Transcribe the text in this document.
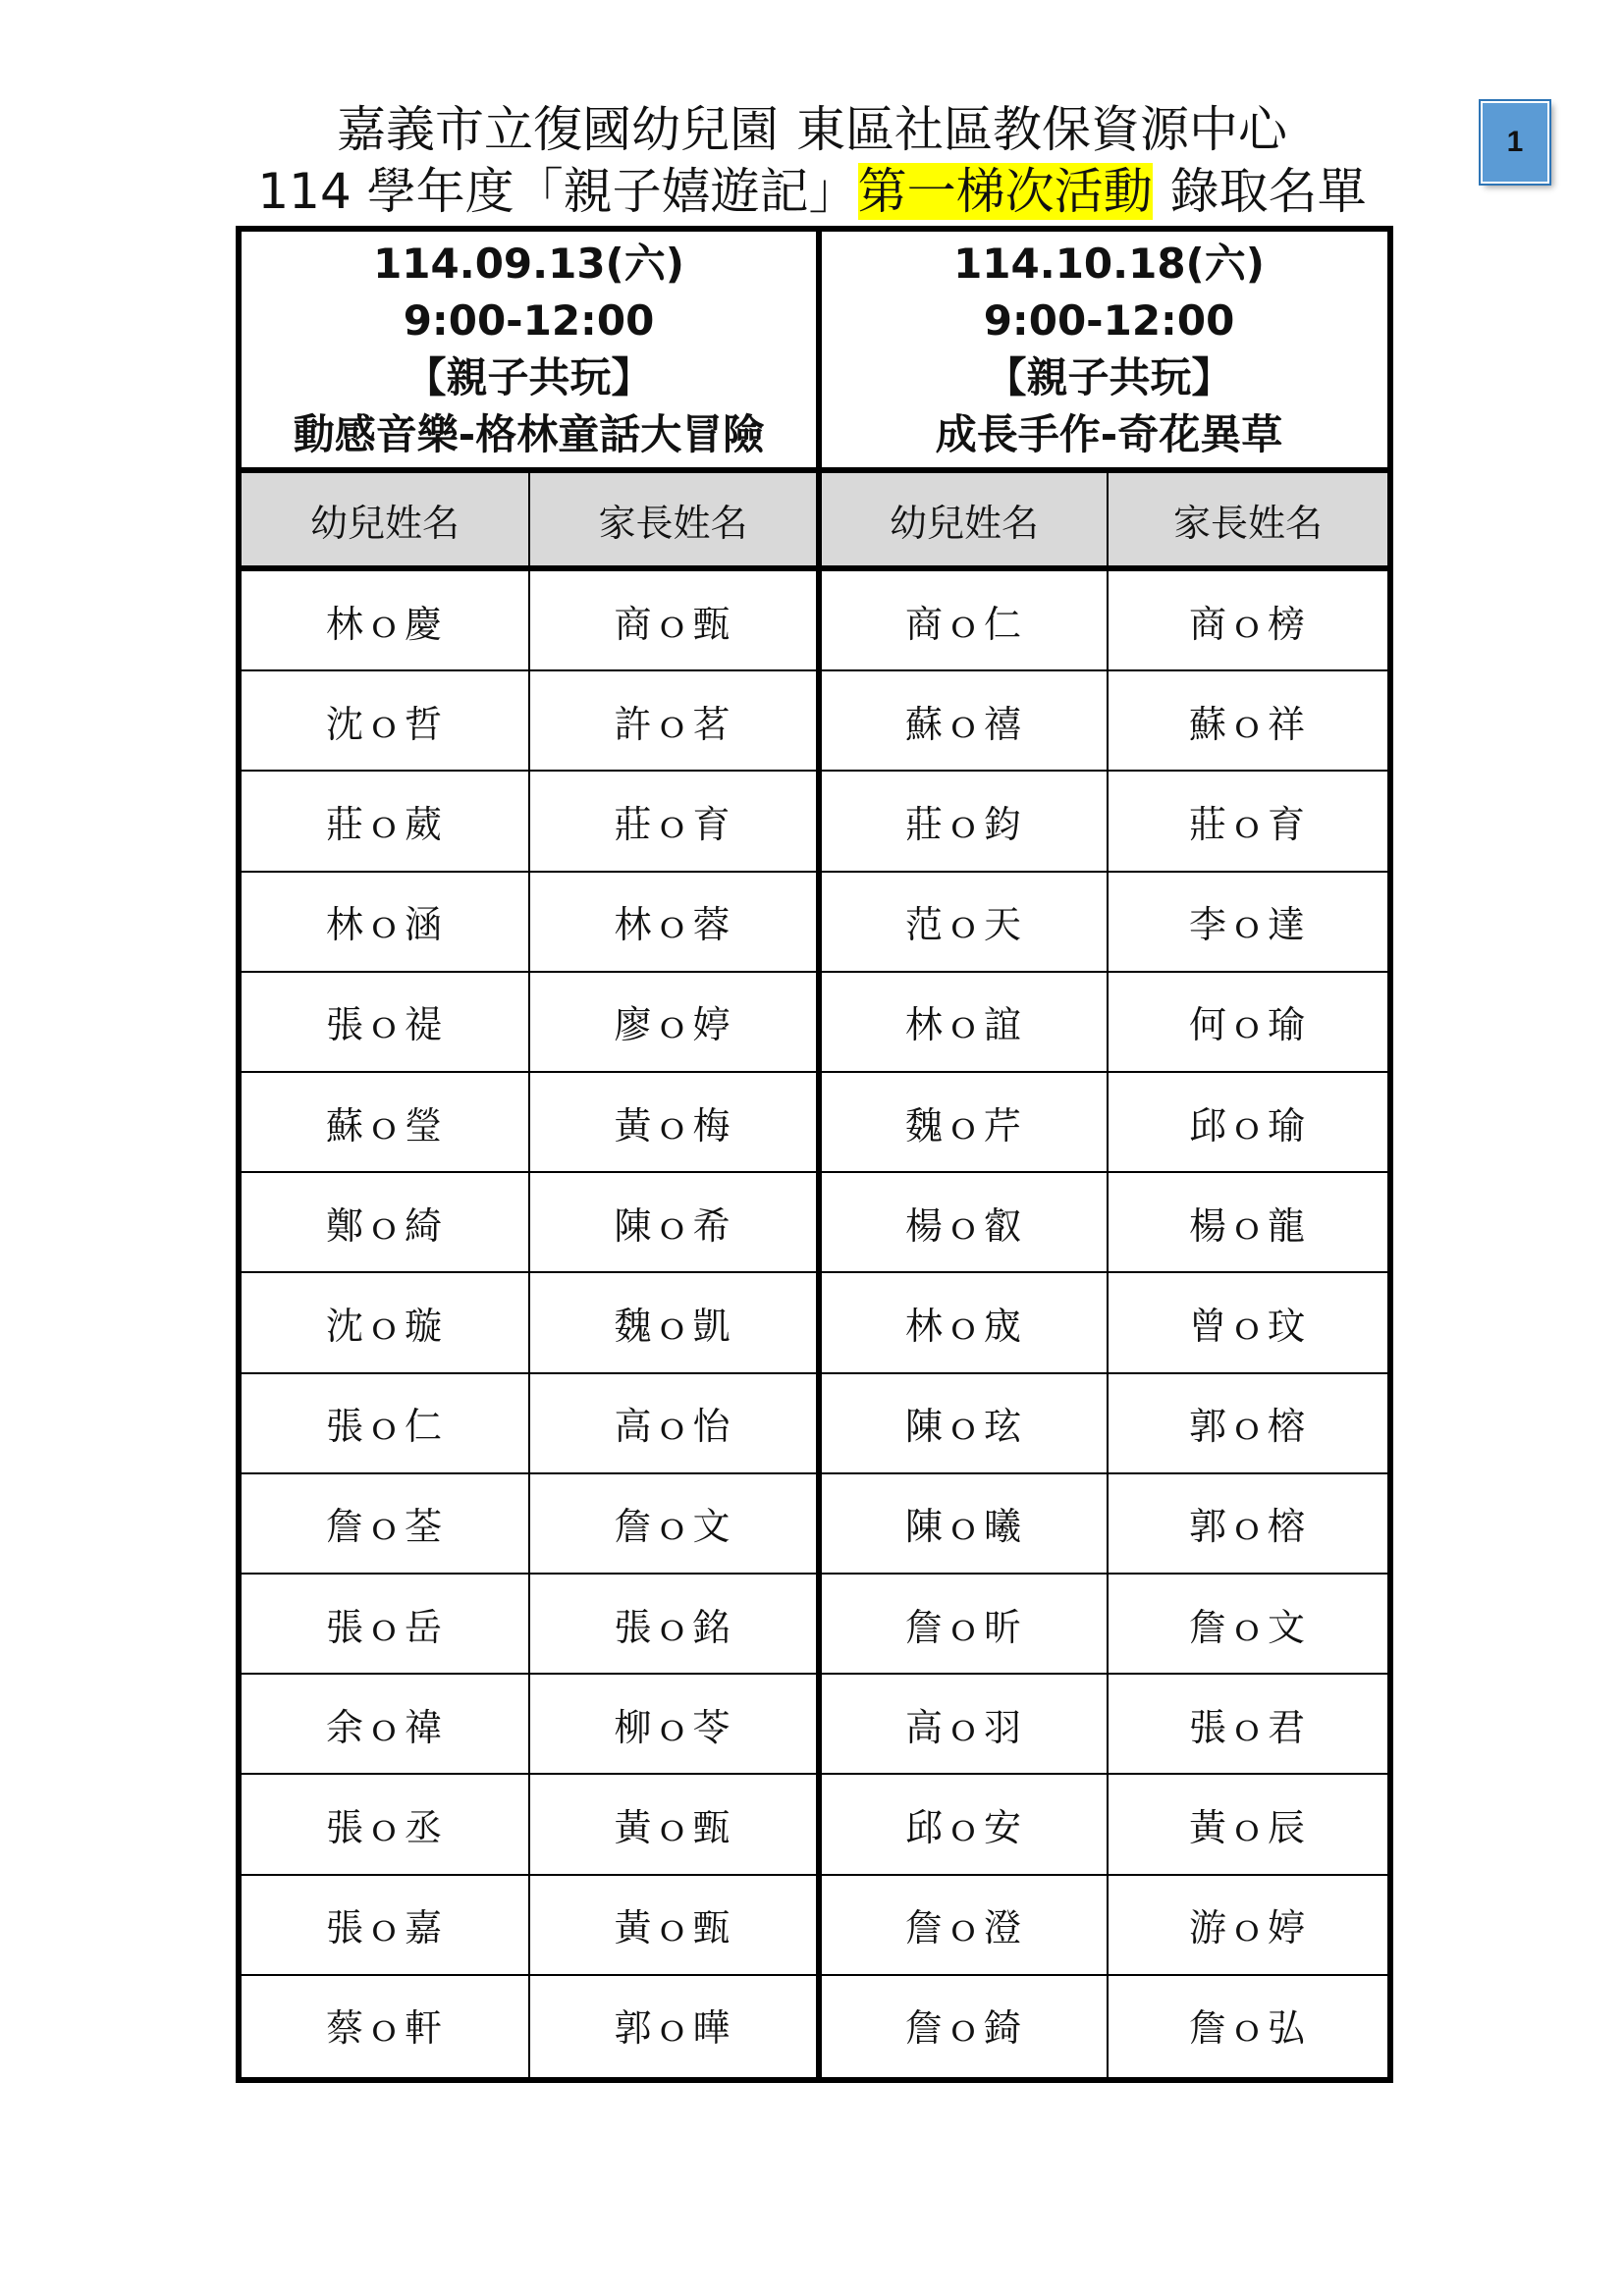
1
嘉義市立復國幼兒園 東區社區教保資源中心
114 學年度「親子嬉遊記」第一梯次活動 錄取名單
114.09.13(六)
9:00-12:00
【親子共玩】
動感音樂-格林童話大冒險
114.10.18(六)
9:00-12:00
【親子共玩】
成長手作-奇花異草
幼兒姓名	家長姓名	幼兒姓名	家長姓名
林ｏ慶	商ｏ甄	商ｏ仁	商ｏ榜
沈ｏ哲	許ｏ茗	蘇ｏ禧	蘇ｏ祥
莊ｏ葳	莊ｏ育	莊ｏ鈞	莊ｏ育
林ｏ涵	林ｏ蓉	范ｏ天	李ｏ達
張ｏ禔	廖ｏ婷	林ｏ誼	何ｏ瑜
蘇ｏ瑩	黃ｏ梅	魏ｏ芹	邱ｏ瑜
鄭ｏ綺	陳ｏ希	楊ｏ叡	楊ｏ龍
沈ｏ璇	魏ｏ凱	林ｏ宬	曾ｏ玟
張ｏ仁	高ｏ怡	陳ｏ玹	郭ｏ榕
詹ｏ荃	詹ｏ文	陳ｏ曦	郭ｏ榕
張ｏ岳	張ｏ銘	詹ｏ昕	詹ｏ文
余ｏ禕	柳ｏ苓	高ｏ羽	張ｏ君
張ｏ丞	黃ｏ甄	邱ｏ安	黃ｏ辰
張ｏ嘉	黃ｏ甄	詹ｏ澄	游ｏ婷
蔡ｏ軒	郭ｏ曄	詹ｏ錡	詹ｏ弘
